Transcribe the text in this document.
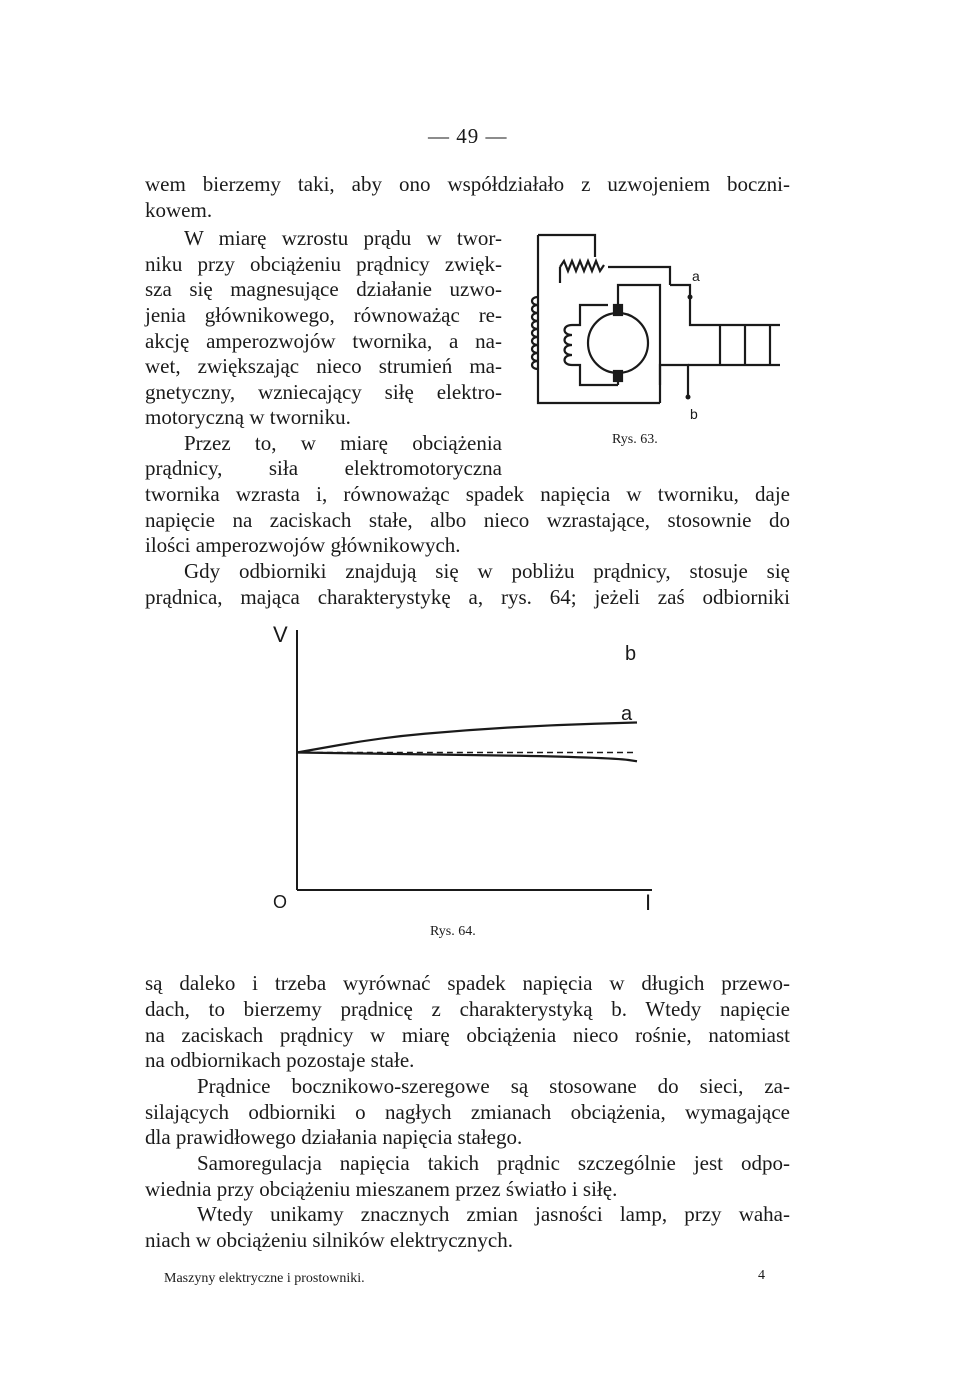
— 49 —
wem bierzemy taki, aby ono współdziałało z uzwojeniem boczni-
kowem.
W miarę wzrostu prądu w twor-
niku przy obciążeniu prądnicy zwięk-
sza się magnesujące działanie uzwo-
jenia głównikowego, równoważąc re-
akcję amperozwojów twornika, a na-
wet, zwiększając nieco strumień ma-
gnetyczny, wzniecający siłę elektro-
motoryczną w tworniku.
Przez to, w miarę obciążenia
prądnicy, siła elektromotoryczna
twornika wzrasta i, równoważąc spadek napięcia w tworniku, daje
napięcie na zaciskach stałe, albo nieco wzrastające, stosownie do
ilości amperozwojów głównikowych.
Gdy odbiorniki znajdują się w pobliżu prądnicy, stosuje się
prądnica, mająca charakterystykę a, rys. 64; jeżeli zaś odbiorniki
a
b
Rys. 63.
V
O	I
b
a
Rys. 64.
są daleko i trzeba wyrównać spadek napięcia w długich przewo-
dach, to bierzemy prądnicę z charakterystyką b. Wtedy napięcie
na zaciskach prądnicy w miarę obciążenia nieco rośnie, natomiast
na odbiornikach pozostaje stałe.
Prądnice bocznikowo-szeregowe są stosowane do sieci, za-
silających odbiorniki o nagłych zmianach obciążenia, wymagające
dla prawidłowego działania napięcia stałego.
Samoregulacja napięcia takich prądnic szczególnie jest odpo-
wiednia przy obciążeniu mieszanem przez światło i siłę.
Wtedy unikamy znacznych zmian jasności lamp, przy waha-
niach w obciążeniu silników elektrycznych.
Maszyny elektryczne i prostowniki.	4
